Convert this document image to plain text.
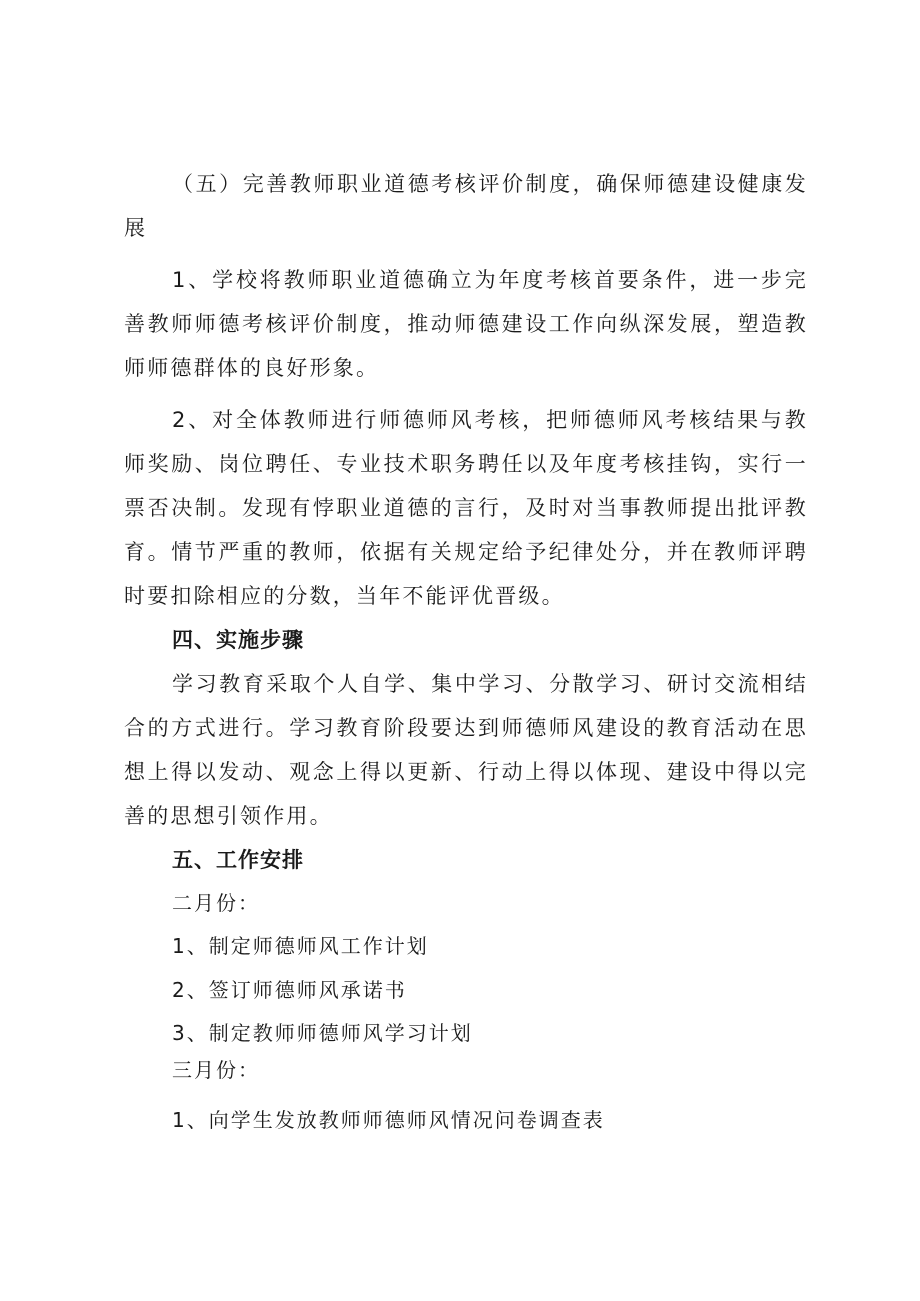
（五）完善教师职业道德考核评价制度，确保师德建设健康发展

1、学校将教师职业道德确立为年度考核首要条件，进一步完善教师师德考核评价制度，推动师德建设工作向纵深发展，塑造教师师德群体的良好形象。

2、对全体教师进行师德师风考核，把师德师风考核结果与教师奖励、岗位聘任、专业技术职务聘任以及年度考核挂钩，实行一票否决制。发现有悖职业道德的言行，及时对当事教师提出批评教育。情节严重的教师，依据有关规定给予纪律处分，并在教师评聘时要扣除相应的分数，当年不能评优晋级。

四、实施步骤

学习教育采取个人自学、集中学习、分散学习、研讨交流相结合的方式进行。学习教育阶段要达到师德师风建设的教育活动在思想上得以发动、观念上得以更新、行动上得以体现、建设中得以完善的思想引领作用。

五、工作安排

二月份：

1、制定师德师风工作计划

2、签订师德师风承诺书

3、制定教师师德师风学习计划

三月份：

1、向学生发放教师师德师风情况问卷调查表
